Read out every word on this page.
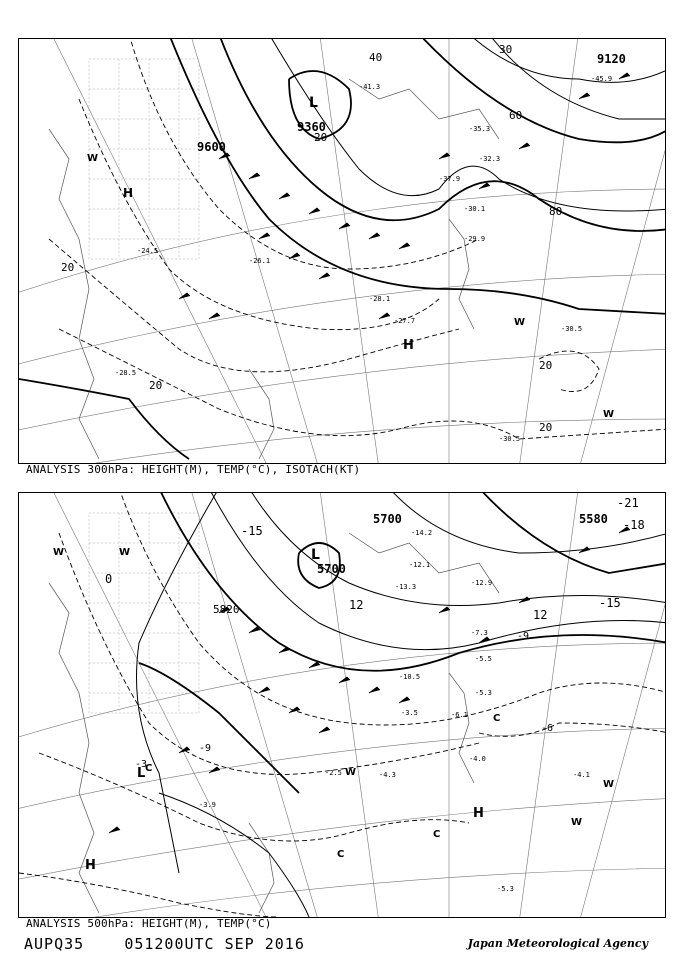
9120
9360
9600
20
40
60
80
30
20
20
20
20
-45.9
-41.3
-37.9
-35.3
-32.3
-30.1
-29.9
-28.1
-27.7
-30.5
-26.1
-24.5
-30.5
-28.5
L
H
H
W
W
W
ANALYSIS 300hPa: HEIGHT(M), TEMP(°C), ISOTACH(KT)
5700
5700
5580
5820
-15
-15
-21
-18
12
12
-9
-6
-3
0
-9
-14.2
-12.1
-13.3	-12.9
-10.5
-7.3
-5.5
-5.3
-6.1
-4.3
-2.5	-4.1
-5.3
-3.9
-3.5
-4.0
L
L
H
H
C
C
C
C
W
W
W
W
W
ANALYSIS 500hPa: HEIGHT(M), TEMP(°C)
AUPQ35	051200UTC SEP 2016	Japan Meteorological Agency
